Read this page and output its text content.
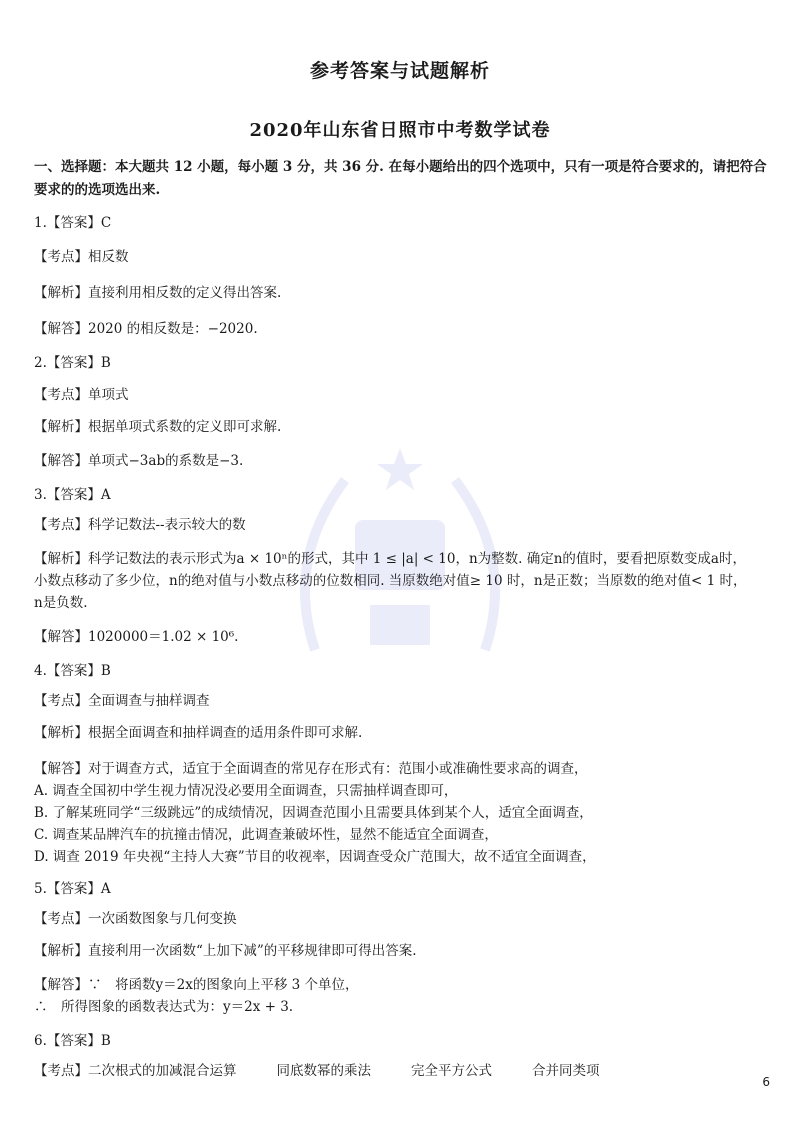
参考答案与试题解析
2020年山东省日照市中考数学试卷
一、选择题：本大题共 12 小题，每小题 3 分，共 36 分. 在每小题给出的四个选项中，只有一项是符合要求的，请把符合要求的的选项选出来.
1.【答案】C
【考点】相反数
【解析】直接利用相反数的定义得出答案.
【解答】2020 的相反数是：−2020.
2.【答案】B
【考点】单项式
【解析】根据单项式系数的定义即可求解.
【解答】单项式−3ab的系数是−3.
3.【答案】A
【考点】科学记数法--表示较大的数
【解析】科学记数法的表示形式为a × 10ⁿ的形式，其中 1 ≤ |a| < 10，n为整数. 确定n的值时，要看把原数变成a时，
小数点移动了多少位，n的绝对值与小数点移动的位数相同. 当原数绝对值≥ 10 时，n是正数；当原数的绝对值< 1 时，
n是负数.
【解答】1020000＝1.02 × 10⁶.
4.【答案】B
【考点】全面调查与抽样调查
【解析】根据全面调查和抽样调查的适用条件即可求解.
【解答】对于调查方式，适宜于全面调查的常见存在形式有：范围小或准确性要求高的调查，
A. 调查全国初中学生视力情况没必要用全面调查，只需抽样调查即可，
B. 了解某班同学“三级跳远”的成绩情况，因调查范围小且需要具体到某个人，适宜全面调查，
C. 调查某品牌汽车的抗撞击情况，此调查兼破坏性，显然不能适宜全面调查，
D. 调查 2019 年央视“主持人大赛”节目的收视率，因调查受众广范围大，故不适宜全面调查，
5.【答案】A
【考点】一次函数图象与几何变换
【解析】直接利用一次函数“上加下减”的平移规律即可得出答案.
【解答】∵　将函数y＝2x的图象向上平移 3 个单位，
∴　所得图象的函数表达式为：y＝2x + 3.
6.【答案】B
【考点】二次根式的加减混合运算	同底数幂的乘法	完全平方公式	合并同类项
6
